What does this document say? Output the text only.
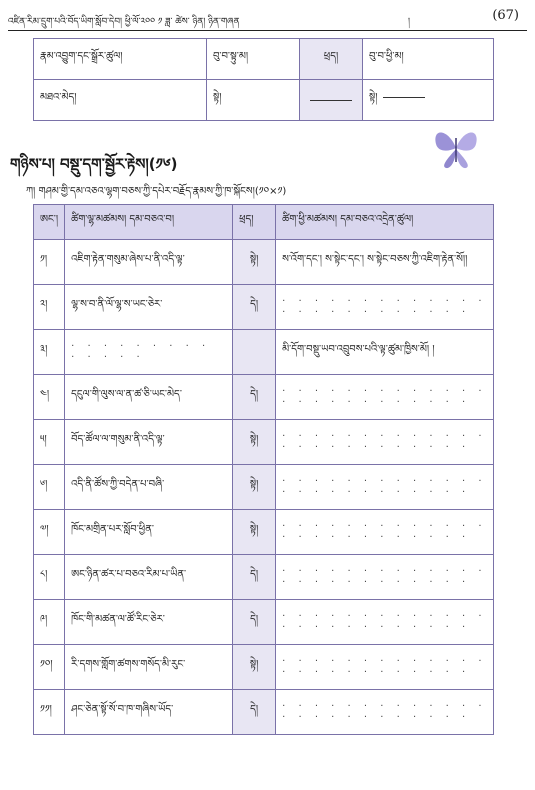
འཛིན་རིམ་དྲུག་པའི་བོད་ཡིག་སློབ་དེབ། ཕྱི་ལོ་༢༠༠ ༡ ཟླ་ ཚེས་ ཉིན། ཉིན་གཞན	།	(67)
རྣམ་འབྱུག་དང་སྒྲོར་ཚུལ།	བུ་བ་སྟུ་མ།	ཕྲད།	བུ་བ་ཕྱི་མ།
མཐའ་མེད།	སྟེ།		སྟེ།
གཉིས་པ། བསྡུ་དག་སྦྱོར་རྟེས།(༡༦)
ཀ། གཤམ་གྱི་དམ་འཅའ་ལྷག་བཅས་ཀྱི་དཔེར་བརྗོད་རྣམས་ཀྱི་ཁ་སྐོངས།(༡༠×༡)
ཨང་།	ཚིག་ལྷ་མཚམས། དམ་བཅའ་བ།	ཕྲད།	ཚིག་ཕྱི་མཚམས། དམ་བཅའ་འདྲེན་ཚུལ།
༡།	འཇིག་རྟེན་གསུམ་ཞེས་པ་ནི་འདི་ལྟ་	སྟེ།	ས་འོག་དང་། ས་སྟེང་དང་། ས་སྟེང་བཅས་ཀྱི་འཇིག་རྟེན་སོ།།
༢།	ལྷ་ས་བ་ནི་ལོ་ལྷ་ས་ཡང་ཅེར་	དེ།	· · · · · · · · · · · · · · · · · · · · · · · · ·
༣།	· · · · · · · · · · · · · ·		མི་དོག་བསྡུ་ཡབ་འབྲུབས་པའི་ལྟ་ཚུམ་ཁྱིས་མོ། །
༤།	དངུལ་གི་ལུས་ལ་ན་ཚ་ཅི་ཡང་མེད་	དེ།	· · · · · · · · · · · · · · · · · · · · · · · · ·
༥།	བོད་ཚོལ་ལ་གསུམ་ནི་འདི་ལྟ་	སྟེ།	· · · · · · · · · · · · · · · · · · · · · · · · ·
༦།	འདི་ནི་ཚོས་ཀྱི་བདེན་པ་བཞི་	སྟེ།	· · · · · · · · · · · · · · · · · · · · · · · · ·
༧།	ཁོང་མགྲིན་པར་སློབ་ཕྱིན་	སྟེ།	· · · · · · · · · · · · · · · · · · · · · · · · ·
༨།	ཨང་ཉིན་ཚར་པ་བཅའ་རིམ་པ་ཡིན་	དེ།	· · · · · · · · · · · · · · · · · · · · · · · · ·
༩།	ཁོང་གི་མཚན་ལ་ཚོ་རིང་ཅེར་	དེ།	· · · · · · · · · · · · · · · · · · · · · · · · ·
༡༠།	རི་དགས་གློག་ཚགས་གསོད་མི་རུང་	སྟེ།	· · · · · · · · · · · · · · · · · · · · · · · · ·
༡༡།	ཤང་ཅེན་སྟོ་སོ་བ་ཁ་གཞིས་ཡོད་	དེ།	· · · · · · · · · · · · · · · · · · · · · · · · ·
